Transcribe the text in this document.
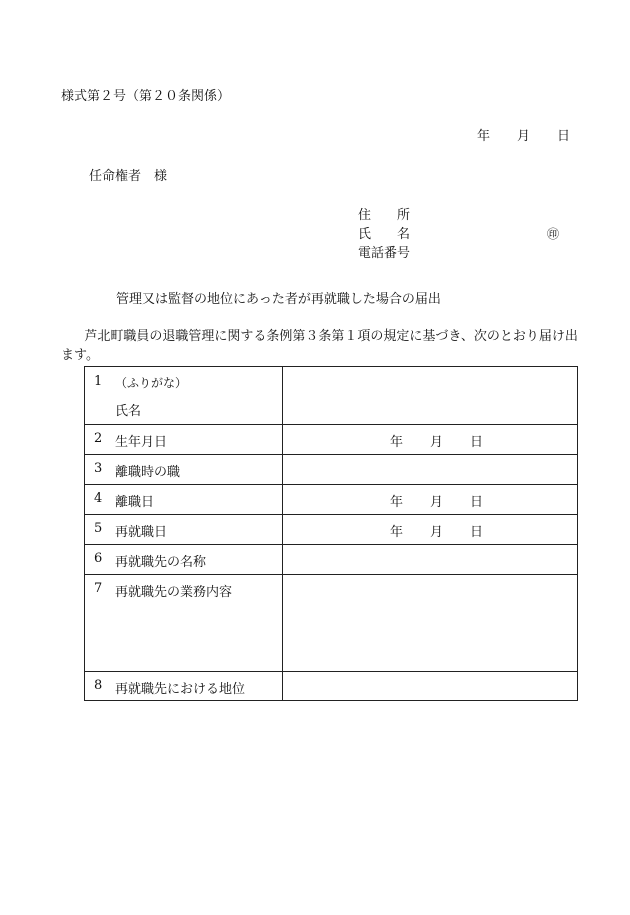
様式第２号（第２０条関係）
年 月 日
任命権者 様
住　　所
氏　　名	㊞
電話番号
管理又は監督の地位にあった者が再就職した場合の届出
芦北町職員の退職管理に関する条例第３条第１項の規定に基づき、次のとおり届け出ます。
1 （ふりがな）
氏名	

2 生年月日	年 月 日

3 離職時の職	

4 離職日	年 月 日

5 再就職日	年 月 日

6 再就職先の名称	

7 再就職先の業務内容	

8 再就職先における地位	
